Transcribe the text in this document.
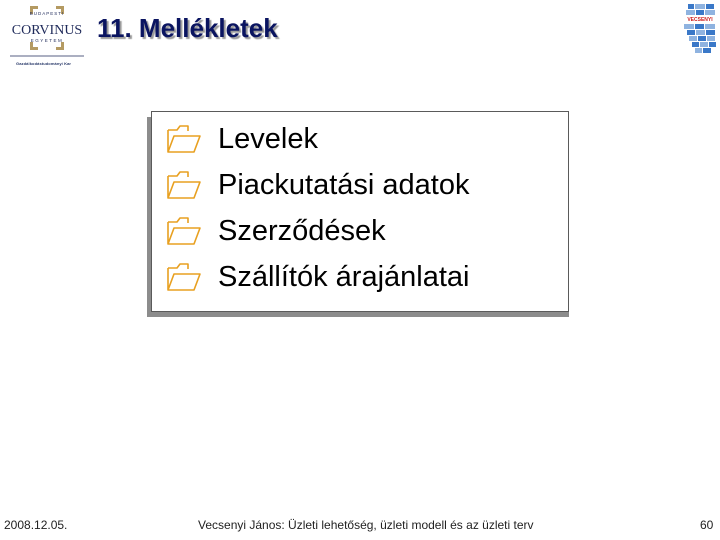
BUDAPESTI
CORVINUS
EGYETEM
Gazdálkodástudományi Kar
11. Mellékletek	VECSENYI
Levelek
Piackutatási adatok
Szerződések
Szállítók árajánlatai
2008.12.05.	Vecsenyi János: Üzleti lehetőség, üzleti modell és az üzleti terv	60
